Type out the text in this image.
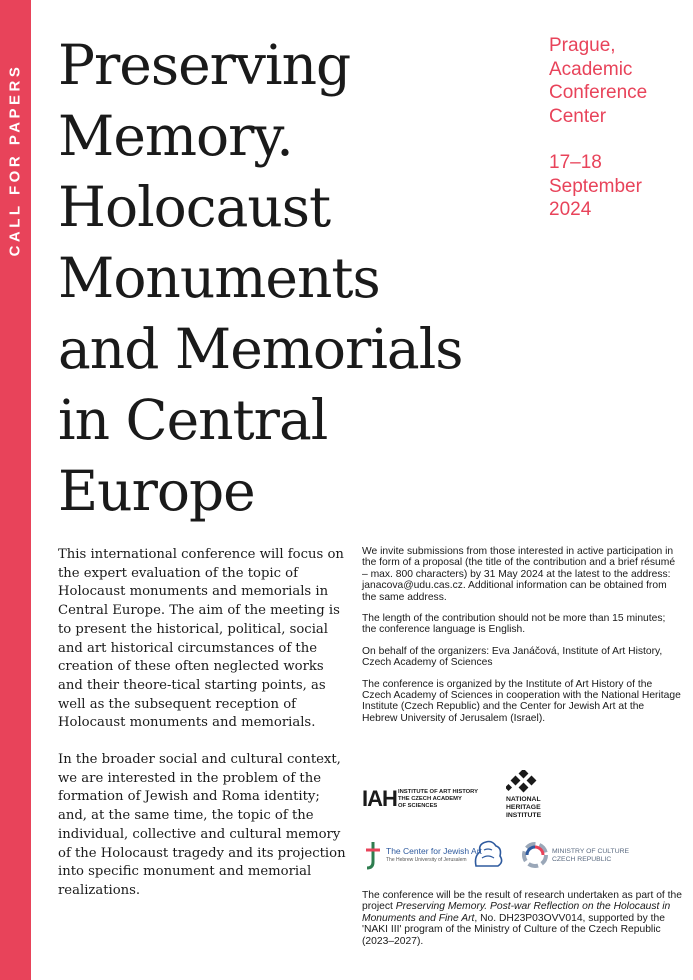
CALL FOR PAPERS Preserving
Memory.
Holocaust
Monuments
and Memorials
in Central
Europe
Prague,
Academic
Conference
Center
17–18
September
2024

This international conference will focus on the expert evaluation of the topic of Holocaust monuments and memorials in Central Europe. The aim of the meeting is to present the historical, political, social and art historical circumstances of the creation of these often neglected works and their theore-tical starting points, as well as the subsequent reception of Holocaust monuments and memorials.

In the broader social and cultural context, we are interested in the problem of the formation of Jewish and Roma identity; and, at the same time, the topic of the individual, collective and cultural memory of the Holocaust tragedy and its projection into specific monument and memorial realizations.

We invite submissions from those interested in active participation in the form of a proposal (the title of the contribution and a brief résumé – max. 800 characters) by 31 May 2024 at the latest to the address: janacova@udu.cas.cz. Additional information can be obtained from the same address.

The length of the contribution should not be more than 15 minutes; the conference language is English.

On behalf of the organizers: Eva Janáčová, Institute of Art History, Czech Academy of Sciences

The conference is organized by the Institute of Art History of the Czech Academy of Sciences in cooperation with the National Heritage Institute (Czech Republic) and the Center for Jewish Art at the Hebrew University of Jerusalem (Israel).

IAH INSTITUTE OF ART HISTORY
THE CZECH ACADEMY
OF SCIENCES
NATIONAL
HERITAGE
INSTITUTE
The Center for Jewish Art
The Hebrew University of Jerusalem
MINISTRY OF CULTURE
CZECH REPUBLIC

The conference will be the result of research undertaken as part of the project Preserving Memory. Post-war Reflection on the Holocaust in Monuments and Fine Art, No. DH23P03OVV014, supported by the 'NAKI III' program of the Ministry of Culture of the Czech Republic (2023–2027).
